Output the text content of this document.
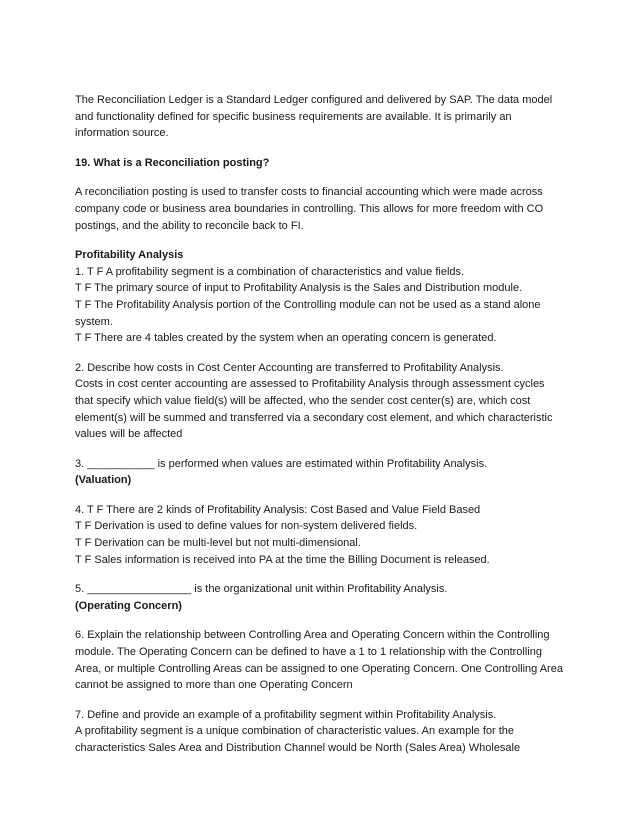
The Reconciliation Ledger is a Standard Ledger configured and delivered by SAP. The data model
and functionality defined for specific business requirements are available. It is primarily an
information source.

19. What is a Reconciliation posting?

A reconciliation posting is used to transfer costs to financial accounting which were made across
company code or business area boundaries in controlling. This allows for more freedom with CO
postings, and the ability to reconcile back to FI.

Profitability Analysis
1. T F A profitability segment is a combination of characteristics and value fields.
T F The primary source of input to Profitability Analysis is the Sales and Distribution module.
T F The Profitability Analysis portion of the Controlling module can not be used as a stand alone
system.
T F There are 4 tables created by the system when an operating concern is generated.

2. Describe how costs in Cost Center Accounting are transferred to Profitability Analysis.
Costs in cost center accounting are assessed to Profitability Analysis through assessment cycles
that specify which value field(s) will be affected, who the sender cost center(s) are, which cost
element(s) will be summed and transferred via a secondary cost element, and which characteristic
values will be affected

3. ___________ is performed when values are estimated within Profitability Analysis.
(Valuation)

4. T F There are 2 kinds of Profitability Analysis: Cost Based and Value Field Based
T F Derivation is used to define values for non-system delivered fields.
T F Derivation can be multi-level but not multi-dimensional.
T F Sales information is received into PA at the time the Billing Document is released.

5. _________________ is the organizational unit within Profitability Analysis.
(Operating Concern)

6. Explain the relationship between Controlling Area and Operating Concern within the Controlling
module. The Operating Concern can be defined to have a 1 to 1 relationship with the Controlling
Area, or multiple Controlling Areas can be assigned to one Operating Concern. One Controlling Area
cannot be assigned to more than one Operating Concern

7. Define and provide an example of a profitability segment within Profitability Analysis.
A profitability segment is a unique combination of characteristic values. An example for the
characteristics Sales Area and Distribution Channel would be North (Sales Area) Wholesale
